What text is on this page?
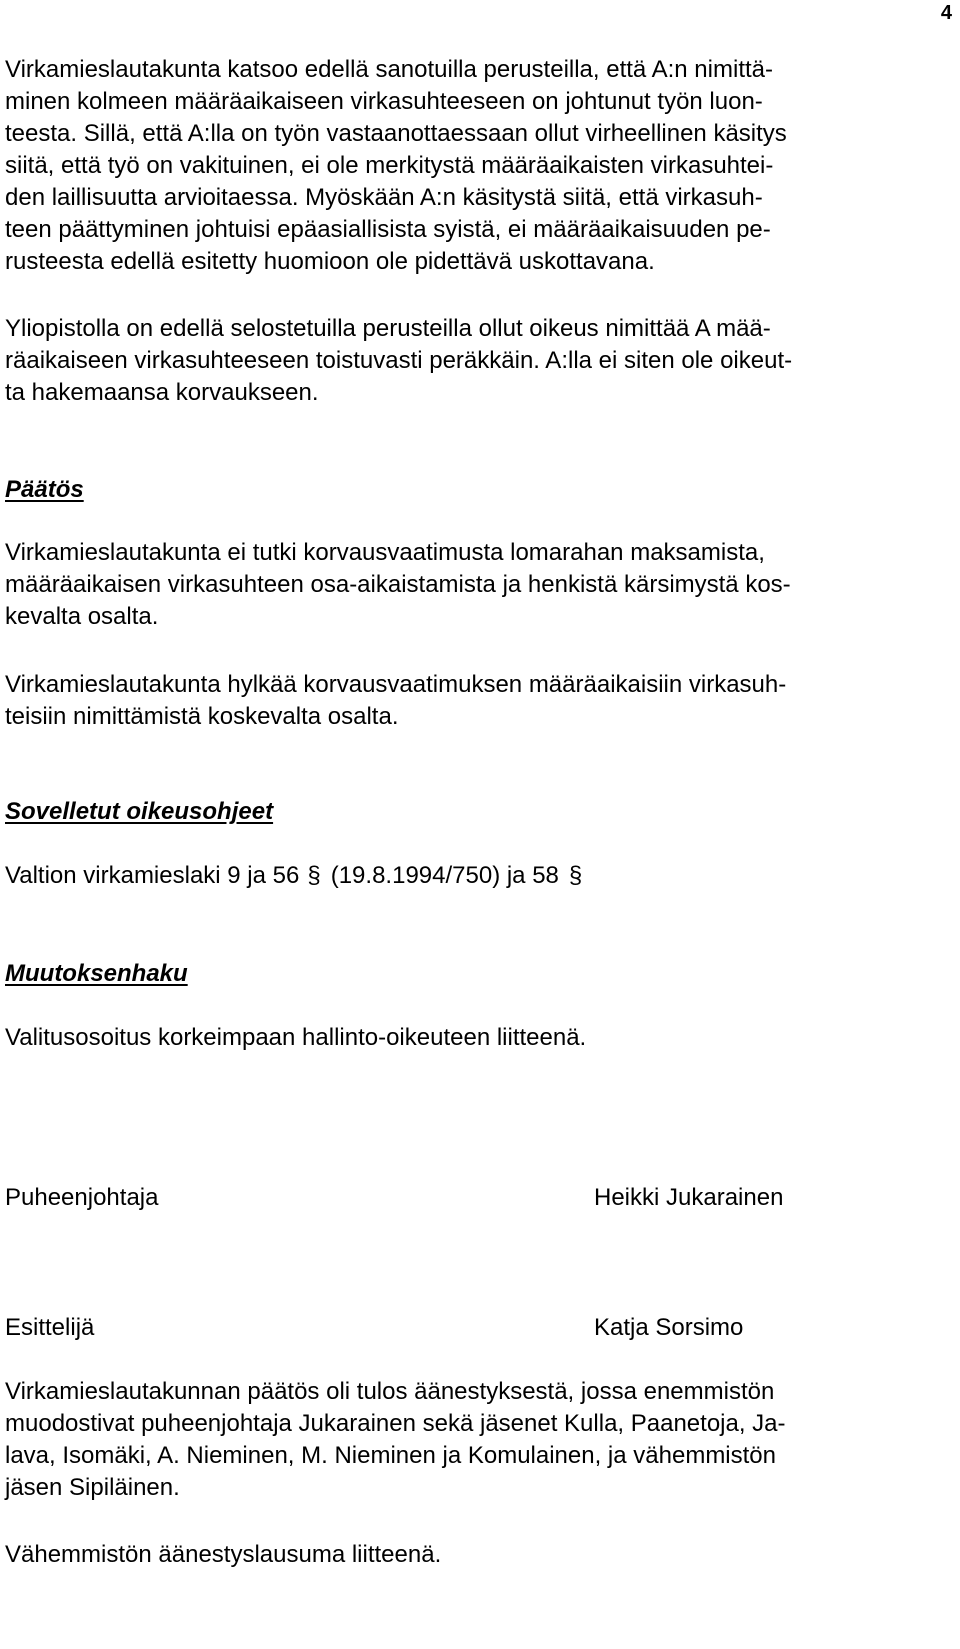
4

Virkamieslautakunta katsoo edellä sanotuilla perusteilla, että A:n nimittä-
minen kolmeen määräaikaiseen virkasuhteeseen on johtunut työn luon-
teesta. Sillä, että A:lla on työn vastaanottaessaan ollut virheellinen käsitys
siitä, että työ on vakituinen, ei ole merkitystä määräaikaisten virkasuhtei-
den laillisuutta arvioitaessa. Myöskään A:n käsitystä siitä, että virkasuh-
teen päättyminen johtuisi epäasiallisista syistä, ei määräaikaisuuden pe-
rusteesta edellä esitetty huomioon ole pidettävä uskottavana.

Yliopistolla on edellä selostetuilla perusteilla ollut oikeus nimittää A mää-
räaikaiseen virkasuhteeseen toistuvasti peräkkäin. A:lla ei siten ole oikeut-
ta hakemaansa korvaukseen.

Päätös

Virkamieslautakunta ei tutki korvausvaatimusta lomarahan maksamista,
määräaikaisen virkasuhteen osa-aikaistamista ja henkistä kärsimystä kos-
kevalta osalta.

Virkamieslautakunta hylkää korvausvaatimuksen määräaikaisiin virkasuh-
teisiin nimittämistä koskevalta osalta.

Sovelletut oikeusohjeet

Valtion virkamieslaki 9 ja 56 § (19.8.1994/750) ja 58 §

Muutoksenhaku

Valitusosoitus korkeimpaan hallinto-oikeuteen liitteenä.

Puheenjohtaja	Heikki Jukarainen

Esittelijä	Katja Sorsimo

Virkamieslautakunnan päätös oli tulos äänestyksestä, jossa enemmistön
muodostivat puheenjohtaja Jukarainen sekä jäsenet Kulla, Paanetoja, Ja-
lava, Isomäki, A. Nieminen, M. Nieminen ja Komulainen, ja vähemmistön
jäsen Sipiläinen.

Vähemmistön äänestyslausuma liitteenä.
